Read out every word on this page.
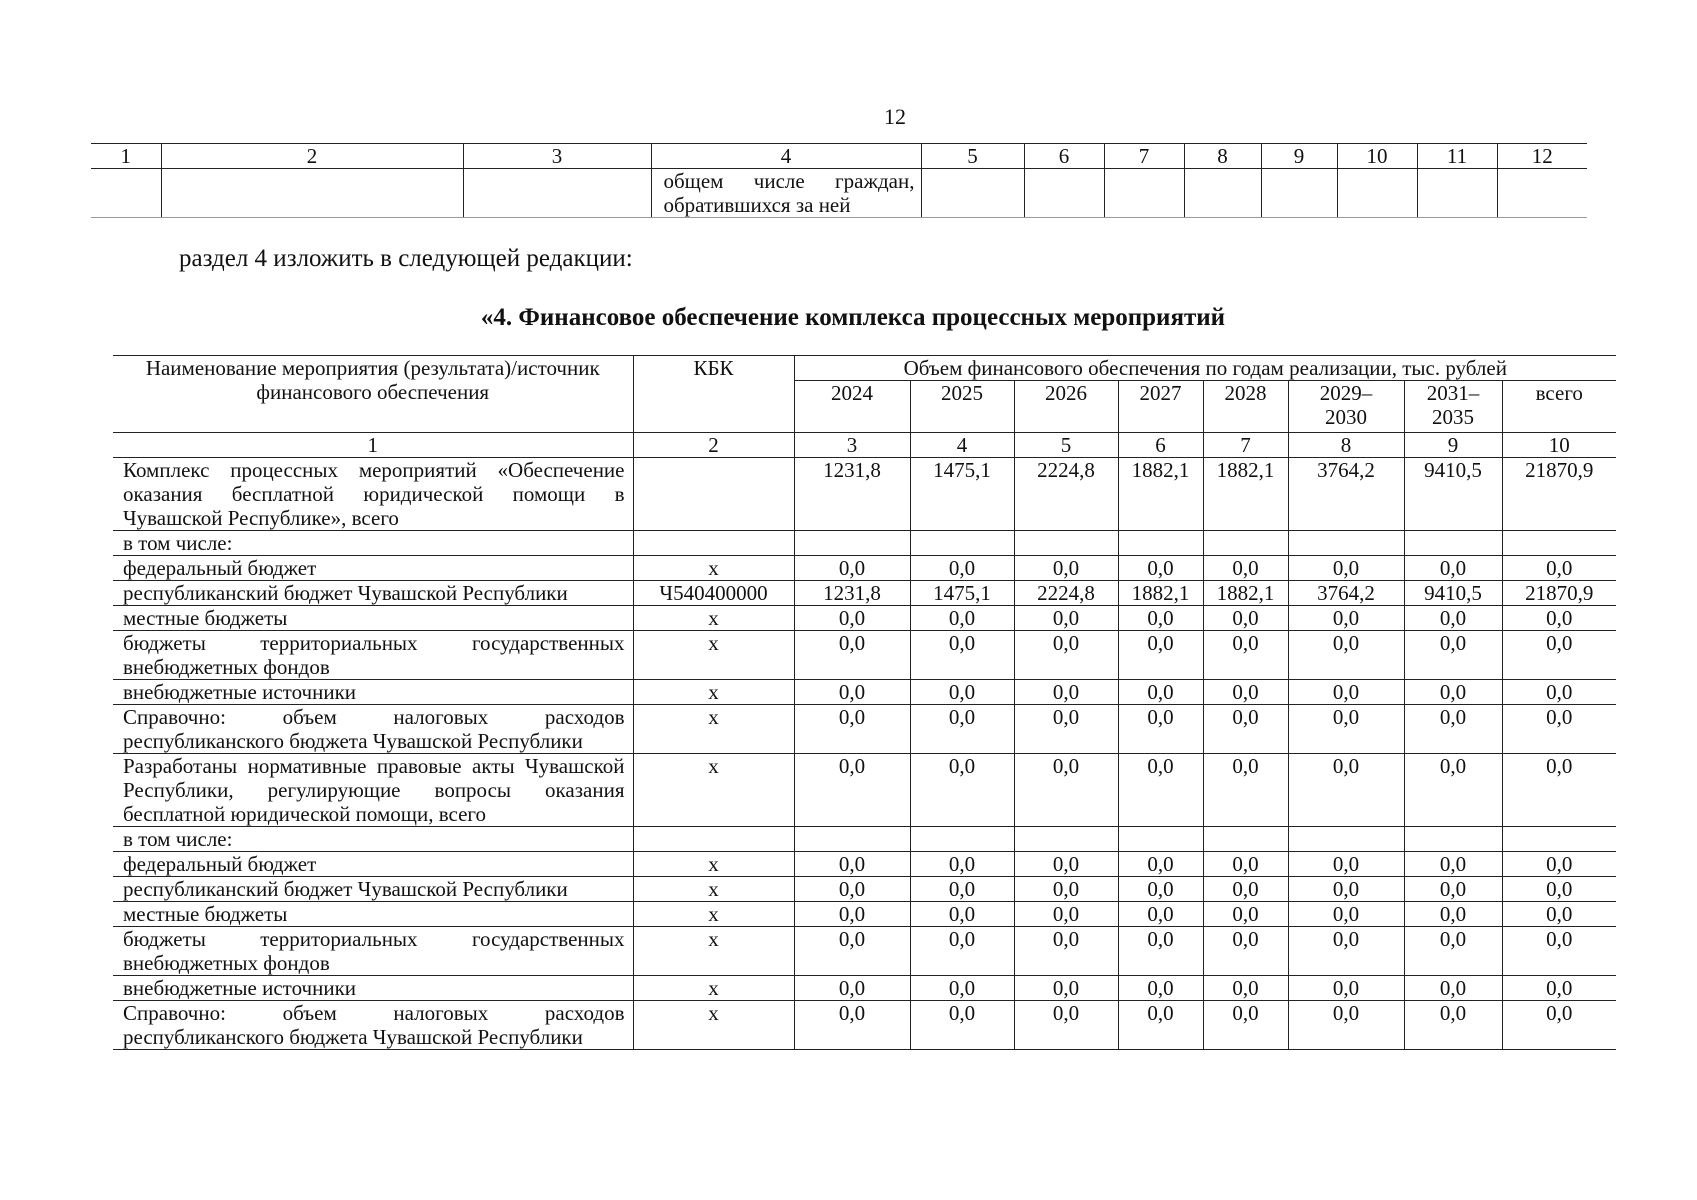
12
1	2	3	4	5	6	7	8	9	10	11	12
			общем числе граждан, обратившихся за ней								
раздел 4 изложить в следующей редакции:
«4. Финансовое обеспечение комплекса процессных мероприятий
Наименование мероприятия (результата)/источник финансового обеспечения	КБК	Объем финансового обеспечения по годам реализации, тыс. рублей							
		2024	2025	2026	2027	2028	2029–2030	2031–2035	всего
1	2	3	4	5	6	7	8	9	10
Комплекс процессных мероприятий «Обеспечение оказания бесплатной юридической помощи в Чувашской Республике», всего		1231,8	1475,1	2224,8	1882,1	1882,1	3764,2	9410,5	21870,9
в том числе:									
федеральный бюджет	х	0,0	0,0	0,0	0,0	0,0	0,0	0,0	0,0
республиканский бюджет Чувашской Республики	Ч540400000	1231,8	1475,1	2224,8	1882,1	1882,1	3764,2	9410,5	21870,9
местные бюджеты	х	0,0	0,0	0,0	0,0	0,0	0,0	0,0	0,0
бюджеты территориальных государственных внебюджетных фондов	х	0,0	0,0	0,0	0,0	0,0	0,0	0,0	0,0
внебюджетные источники	х	0,0	0,0	0,0	0,0	0,0	0,0	0,0	0,0
Справочно: объем налоговых расходов республиканского бюджета Чувашской Республики	х	0,0	0,0	0,0	0,0	0,0	0,0	0,0	0,0
Разработаны нормативные правовые акты Чувашской Республики, регулирующие вопросы оказания бесплатной юридической помощи, всего	х	0,0	0,0	0,0	0,0	0,0	0,0	0,0	0,0
в том числе:									
федеральный бюджет	х	0,0	0,0	0,0	0,0	0,0	0,0	0,0	0,0
республиканский бюджет Чувашской Республики	х	0,0	0,0	0,0	0,0	0,0	0,0	0,0	0,0
местные бюджеты	х	0,0	0,0	0,0	0,0	0,0	0,0	0,0	0,0
бюджеты территориальных государственных внебюджетных фондов	х	0,0	0,0	0,0	0,0	0,0	0,0	0,0	0,0
внебюджетные источники	х	0,0	0,0	0,0	0,0	0,0	0,0	0,0	0,0
Справочно: объем налоговых расходов республиканского бюджета Чувашской Республики	х	0,0	0,0	0,0	0,0	0,0	0,0	0,0	0,0
